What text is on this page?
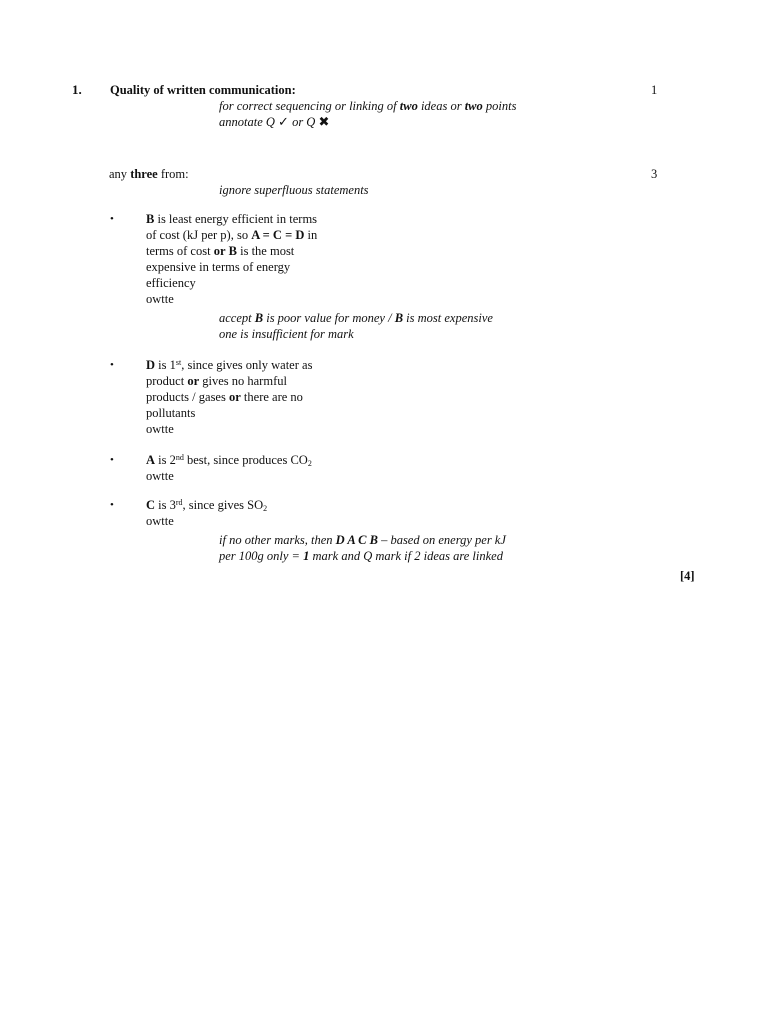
1. Quality of written communication:	1
for correct sequencing or linking of two ideas or two points
annotate Q ✓ or Q ✖
any three from:	3
ignore superfluous statements
•	B is least energy efficient in terms
of cost (kJ per p), so A = C = D in
terms of cost or B is the most
expensive in terms of energy
efficiency
owtte
accept B is poor value for money / B is most expensive
one is insufficient for mark
•	D is 1st, since gives only water as
product or gives no harmful
products / gases or there are no
pollutants
owtte
•	A is 2nd best, since produces $CO_2$
owtte
•	C is 3rd, since gives $SO_2$
owtte
if no other marks, then D A C B – based on energy per kJ
per 100g only = 1 mark and Q mark if 2 ideas are linked
[4]
